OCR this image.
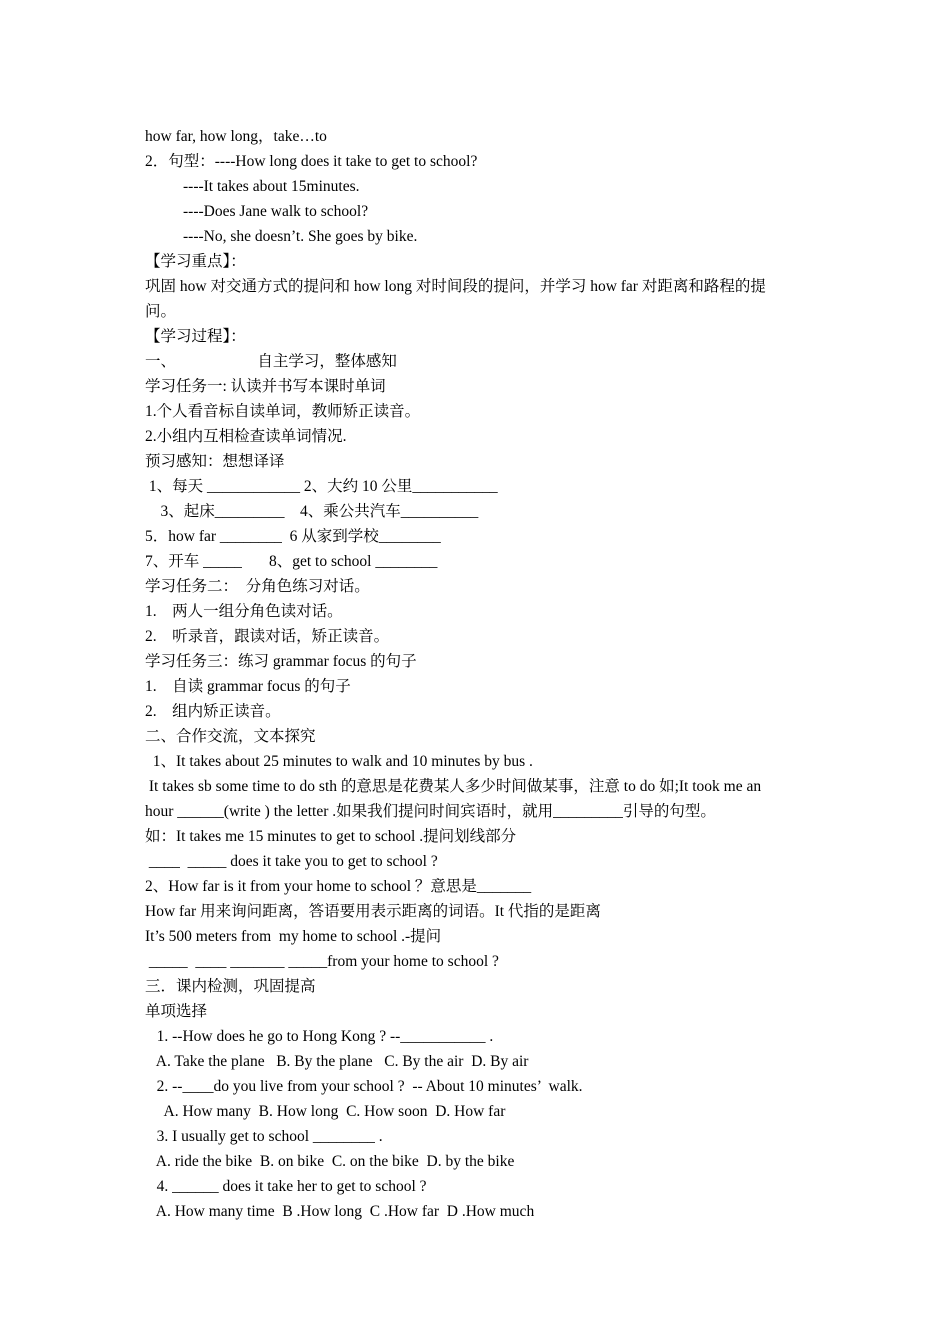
how far, how long，take…to
2．句型：----How long does it take to get to school?
----It takes about 15minutes.
----Does Jane walk to school?
----No, she doesn’t. She goes by bike.
【学习重点】：
巩固 how 对交通方式的提问和 how long 对时间段的提问，并学习 how far 对距离和路程的提
问。
【学习过程】：
一、                     自主学习，整体感知
学习任务一: 认读并书写本课时单词
1.个人看音标自读单词，教师矫正读音。
2.小组内互相检查读单词情况.
预习感知：想想译译
1、每天 ____________ 2、大约 10 公里___________
3、起床_________    4、乘公共汽车__________
5．how far ________  6 从家到学校________
7、开车 _____       8、get to school ________
学习任务二：  分角色练习对话。
1.    两人一组分角色读对话。
2.    听录音，跟读对话，矫正读音。
学习任务三：练习 grammar focus 的句子
1.    自读 grammar focus 的句子
2.    组内矫正读音。
二、合作交流，文本探究
1、It takes about 25 minutes to walk and 10 minutes by bus .
It takes sb some time to do sth 的意思是花费某人多少时间做某事，注意 to do 如;It took me an
hour ______(write ) the letter .如果我们提问时间宾语时，就用_________引导的句型。
如：It takes me 15 minutes to get to school .提问划线部分
____  _____ does it take you to get to school ?
2、How far is it from your home to school ？意思是_______
How far 用来询问距离，答语要用表示距离的词语。It 代指的是距离
It’s 500 meters from  my home to school .-提问
_____  ____ _______ _____from your home to school ?
三．课内检测，巩固提高
单项选择
1. --How does he go to Hong Kong ? --___________ .
A. Take the plane   B. By the plane   C. By the air  D. By air
2. --____do you live from your school ?  -- About 10 minutes’  walk.
A. How many  B. How long  C. How soon  D. How far
3. I usually get to school ________ .
A. ride the bike  B. on bike  C. on the bike  D. by the bike
4. ______ does it take her to get to school ?
A. How many time  B .How long  C .How far  D .How much
